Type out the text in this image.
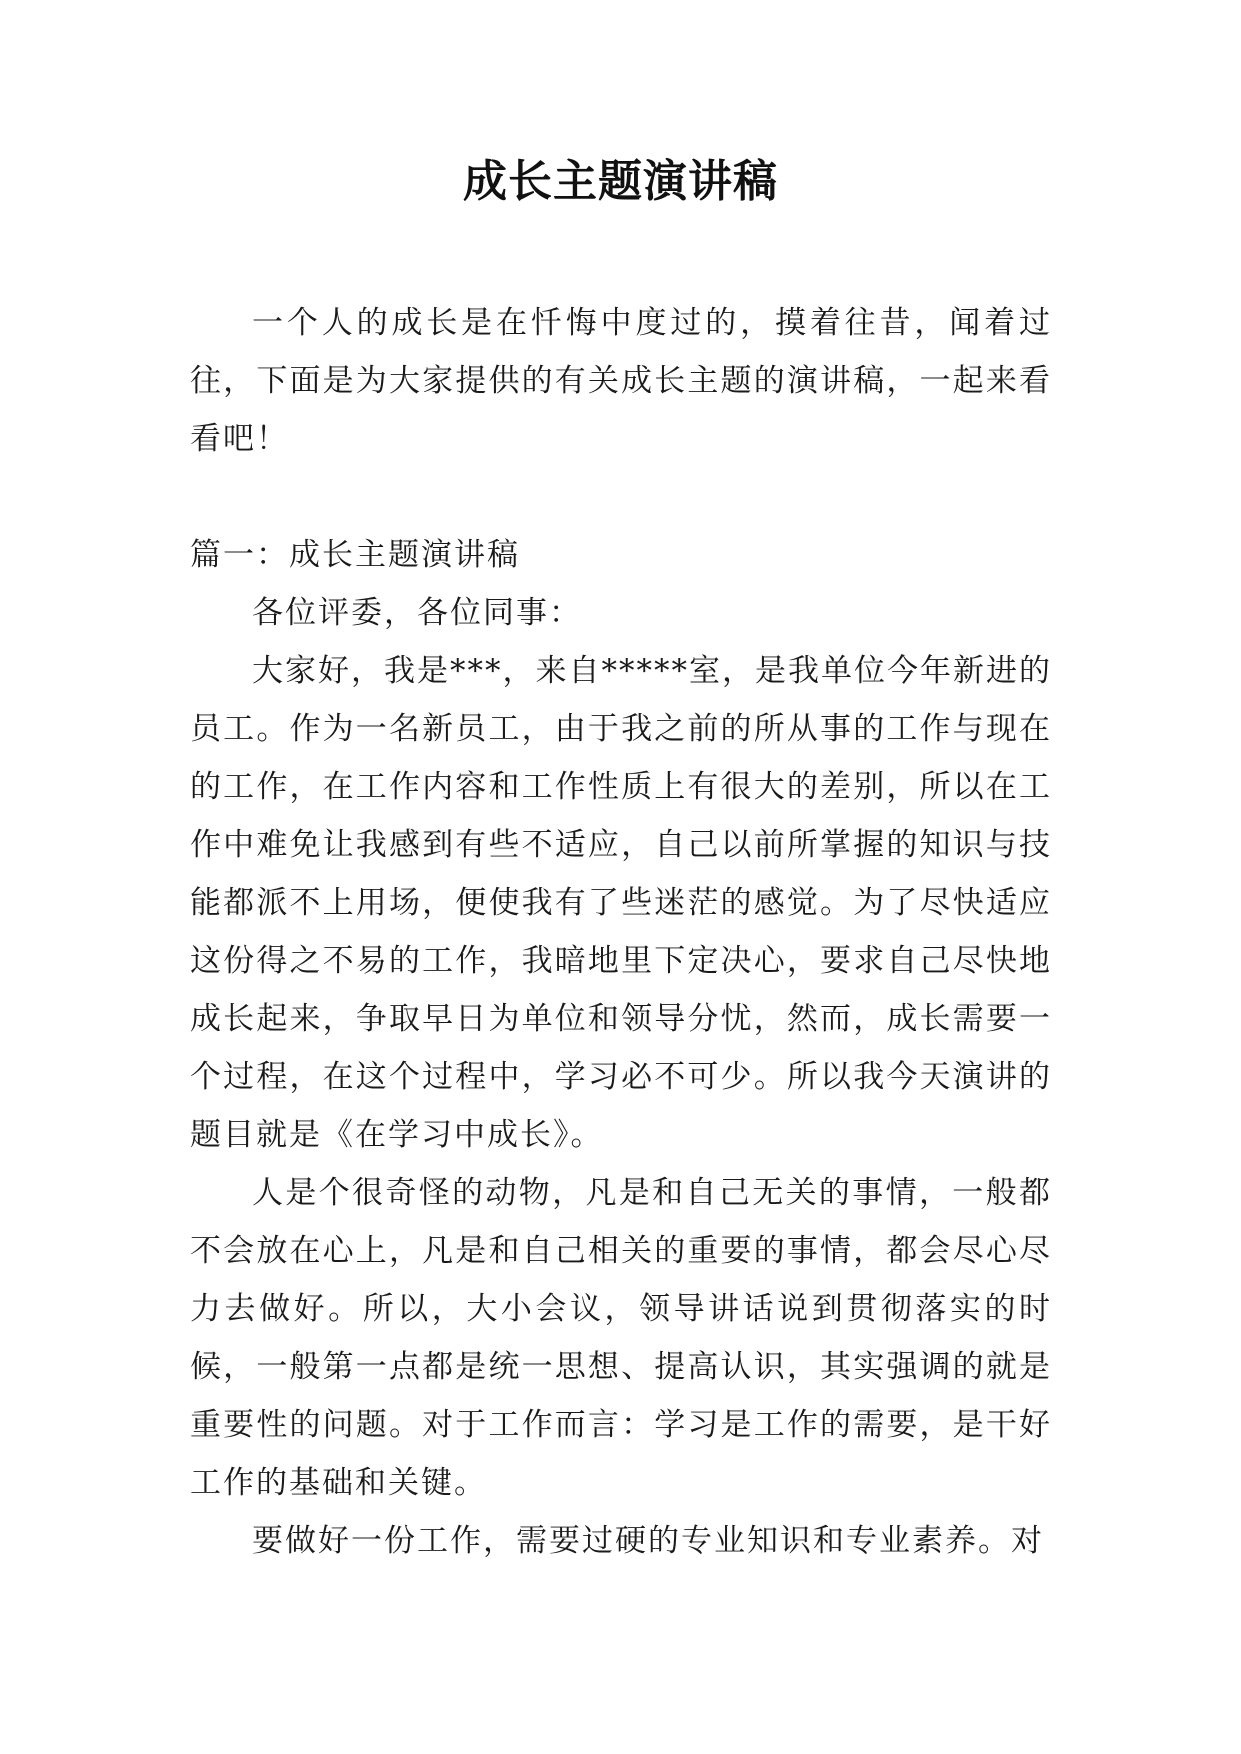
成长主题演讲稿

一个人的成长是在忏悔中度过的，摸着往昔，闻着过往，下面是为大家提供的有关成长主题的演讲稿，一起来看看吧！

篇一：成长主题演讲稿

各位评委，各位同事：

大家好，我是***，来自*****室，是我单位今年新进的员工。作为一名新员工，由于我之前的所从事的工作与现在的工作，在工作内容和工作性质上有很大的差别，所以在工作中难免让我感到有些不适应，自己以前所掌握的知识与技能都派不上用场，便使我有了些迷茫的感觉。为了尽快适应这份得之不易的工作，我暗地里下定决心，要求自己尽快地成长起来，争取早日为单位和领导分忧，然而，成长需要一个过程，在这个过程中，学习必不可少。所以我今天演讲的题目就是《在学习中成长》。

人是个很奇怪的动物，凡是和自己无关的事情，一般都不会放在心上，凡是和自己相关的重要的事情，都会尽心尽力去做好。所以，大小会议，领导讲话说到贯彻落实的时候，一般第一点都是统一思想、提高认识，其实强调的就是重要性的问题。对于工作而言：学习是工作的需要，是干好工作的基础和关键。

要做好一份工作，需要过硬的专业知识和专业素养。对
